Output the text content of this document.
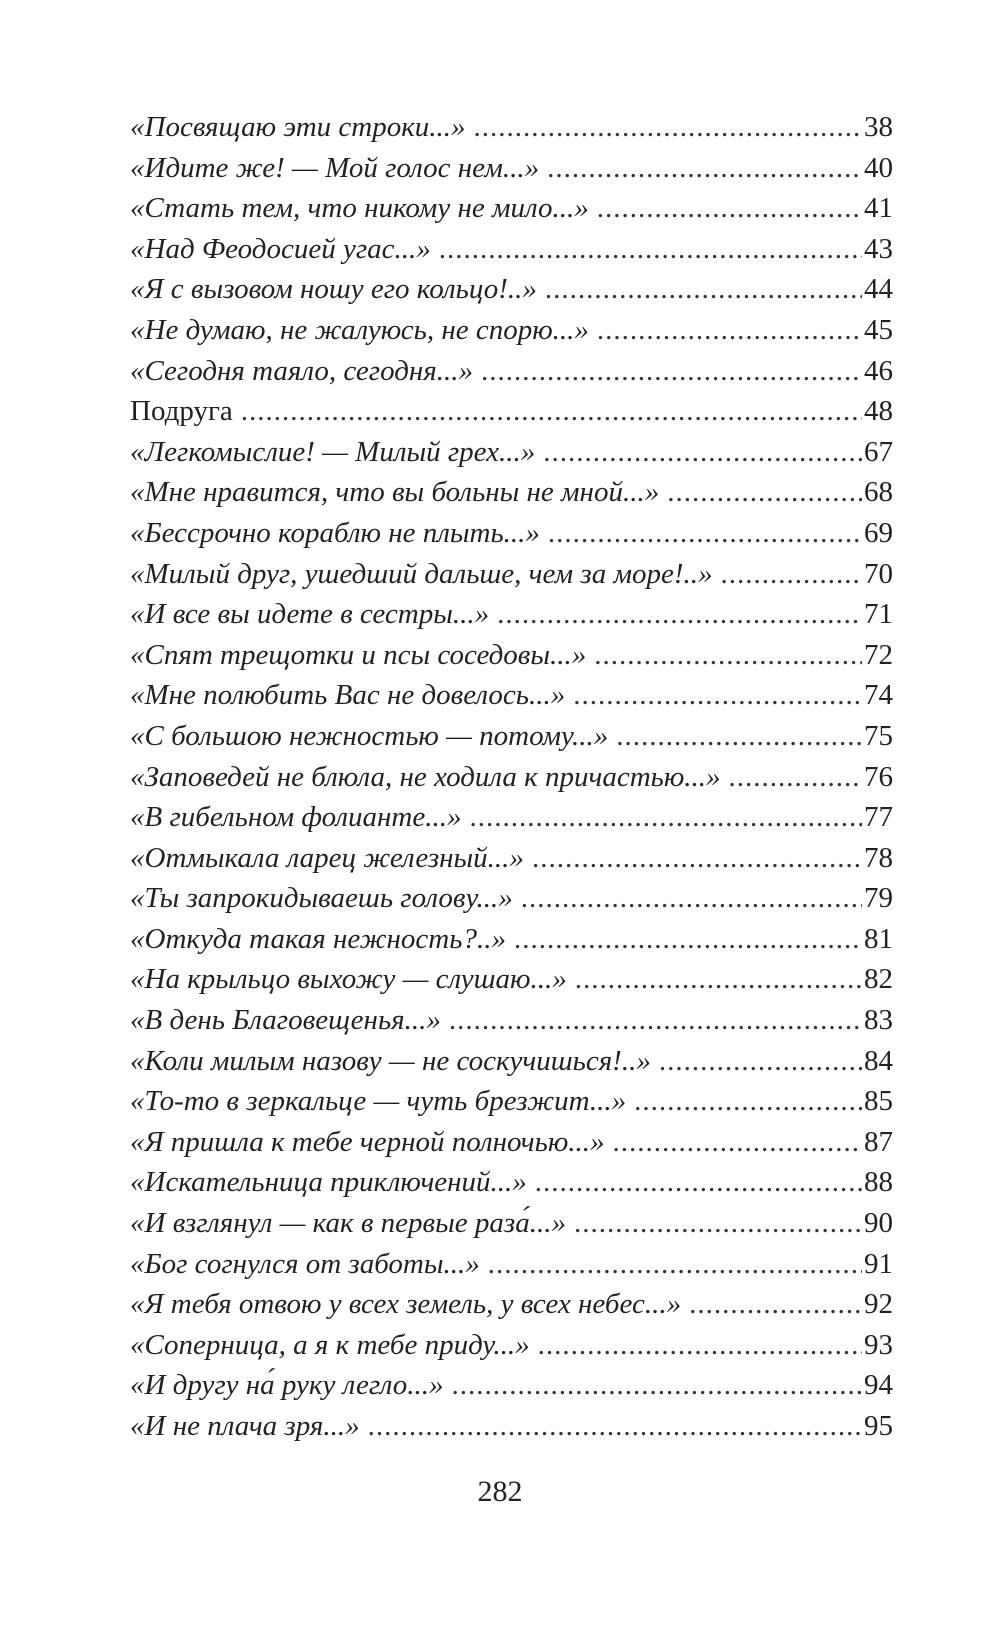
«Посвящаю эти строки...» .....	38
«Идите же! — Мой голос нем...» .....	40
«Стать тем, что никому не мило...» .....	41
«Над Феодосией угас...» .....	43
«Я с вызовом ношу его кольцо!..» .....	44
«Не думаю, не жалуюсь, не спорю...» .....	45
«Сегодня таяло, сегодня...» .....	46
Подруга .....	48
«Легкомыслие! — Милый грех...» .....	67
«Мне нравится, что вы больны не мной...» .....	68
«Бессрочно кораблю не плыть...» .....	69
«Милый друг, ушедший дальше, чем за море!..» .....	70
«И все вы идете в сестры...» .....	71
«Спят трещотки и псы соседовы...» .....	72
«Мне полюбить Вас не довелось...» .....	74
«С большою нежностью — потому...» .....	75
«Заповедей не блюла, не ходила к причастью...» .....	76
«В гибельном фолианте...» .....	77
«Отмыкала ларец железный...» .....	78
«Ты запрокидываешь голову...» .....	79
«Откуда такая нежность?..» .....	81
«На крыльцо выхожу — слушаю...» .....	82
«В день Благовещенья...» .....	83
«Коли милым назову — не соскучишься!..» .....	84
«То-то в зеркальце — чуть брезжит...» .....	85
«Я пришла к тебе черной полночью...» .....	87
«Искательница приключений...» .....	88
«И взглянул — как в первые раза́...» .....	90
«Бог согнулся от заботы...» .....	91
«Я тебя отвою у всех земель, у всех небес...» .....	92
«Соперница, а я к тебе приду...» .....	93
«И другу на́ руку легло...» .....	94
«И не плача зря...» .....	95
282
